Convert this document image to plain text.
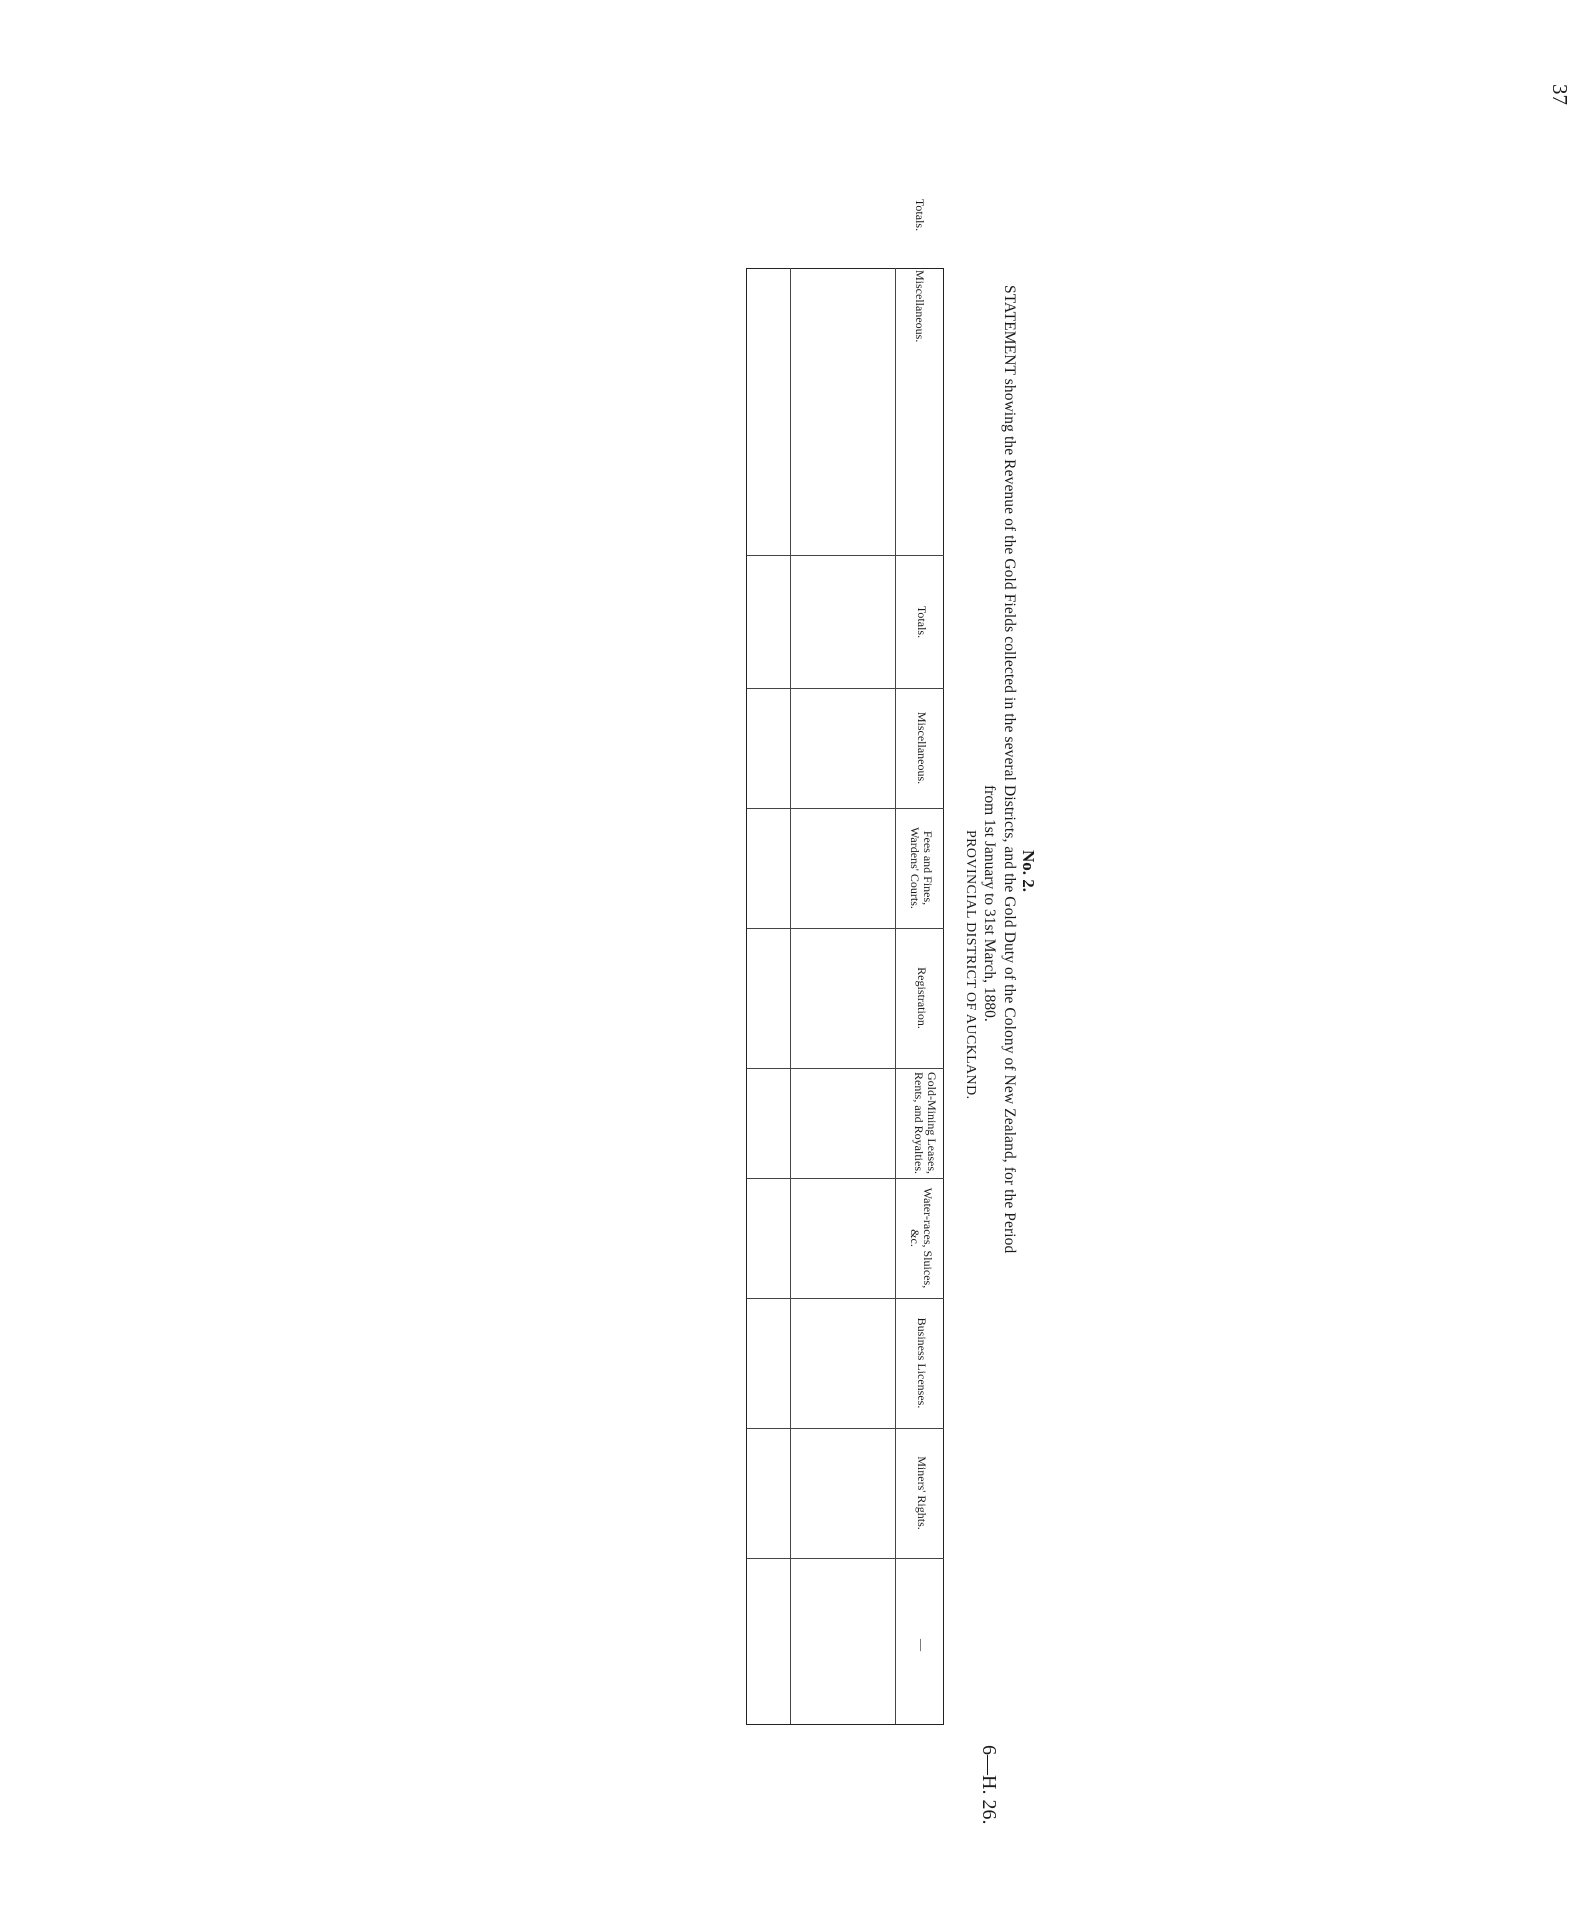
No. 2.
STATEMENT showing the Revenue of the Gold Fields collected in the several Districts, and the Gold Duty of the Colony of New Zealand, for the Period
from 1st January to 31st March, 1880.
6—H. 26.
37
PROVINCIAL DISTRICT OF AUCKLAND.
Totals.
Miscellaneous.
—
Miners' Rights.
Business Licenses.
Water-races, Sluices, &c.
Gold-Mining Leases, Rents, and Royalties.
Registration.
Fees and Fines, Wardens' Courts.
Miscellaneous.
Totals.
